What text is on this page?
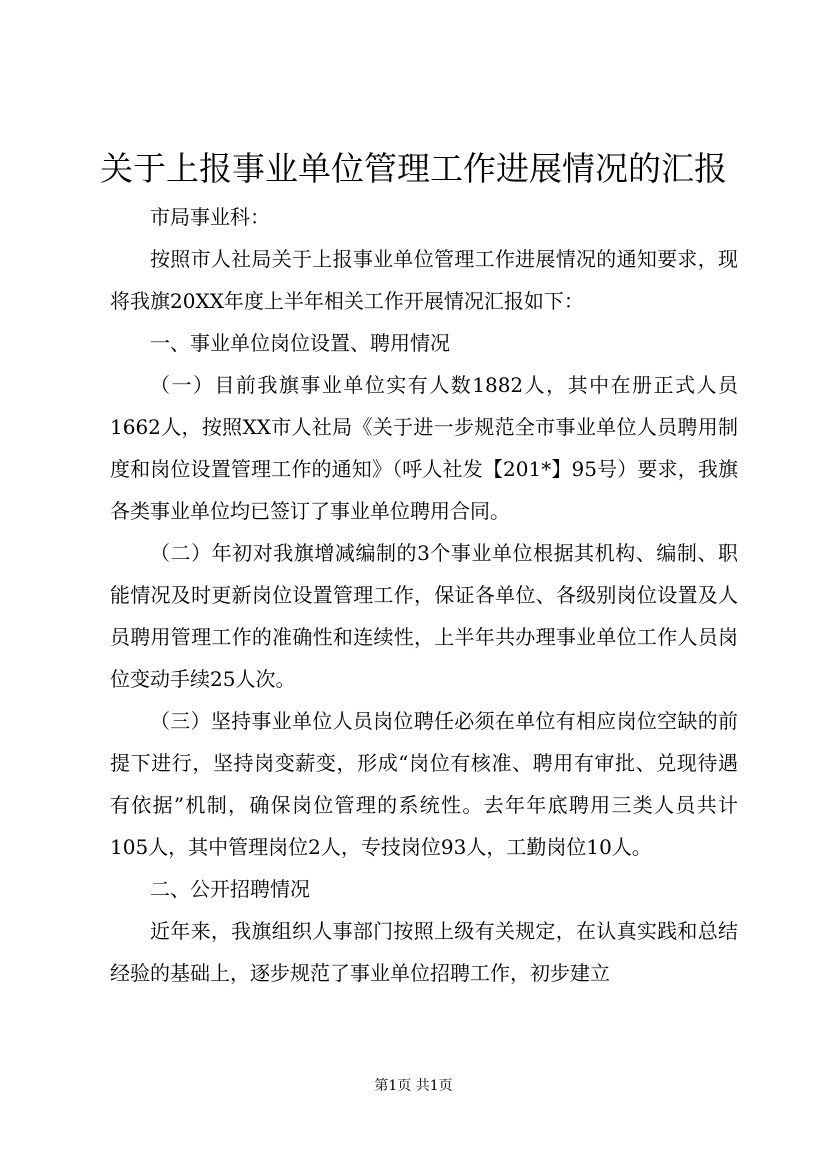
关于上报事业单位管理工作进展情况的汇报

市局事业科：

按照市人社局关于上报事业单位管理工作进展情况的通知要求，现将我旗20XX年度上半年相关工作开展情况汇报如下：

一、事业单位岗位设置、聘用情况

（一）目前我旗事业单位实有人数1882人，其中在册正式人员1662人，按照XX市人社局《关于进一步规范全市事业单位人员聘用制度和岗位设置管理工作的通知》（呼人社发【201*】95号）要求，我旗各类事业单位均已签订了事业单位聘用合同。

（二）年初对我旗增减编制的3个事业单位根据其机构、编制、职能情况及时更新岗位设置管理工作，保证各单位、各级别岗位设置及人员聘用管理工作的准确性和连续性，上半年共办理事业单位工作人员岗位变动手续25人次。

（三）坚持事业单位人员岗位聘任必须在单位有相应岗位空缺的前提下进行，坚持岗变薪变，形成“岗位有核准、聘用有审批、兑现待遇有依据”机制，确保岗位管理的系统性。去年年底聘用三类人员共计105人，其中管理岗位2人，专技岗位93人，工勤岗位10人。

二、公开招聘情况

近年来，我旗组织人事部门按照上级有关规定，在认真实践和总结经验的基础上，逐步规范了事业单位招聘工作，初步建立

第1页 共1页
